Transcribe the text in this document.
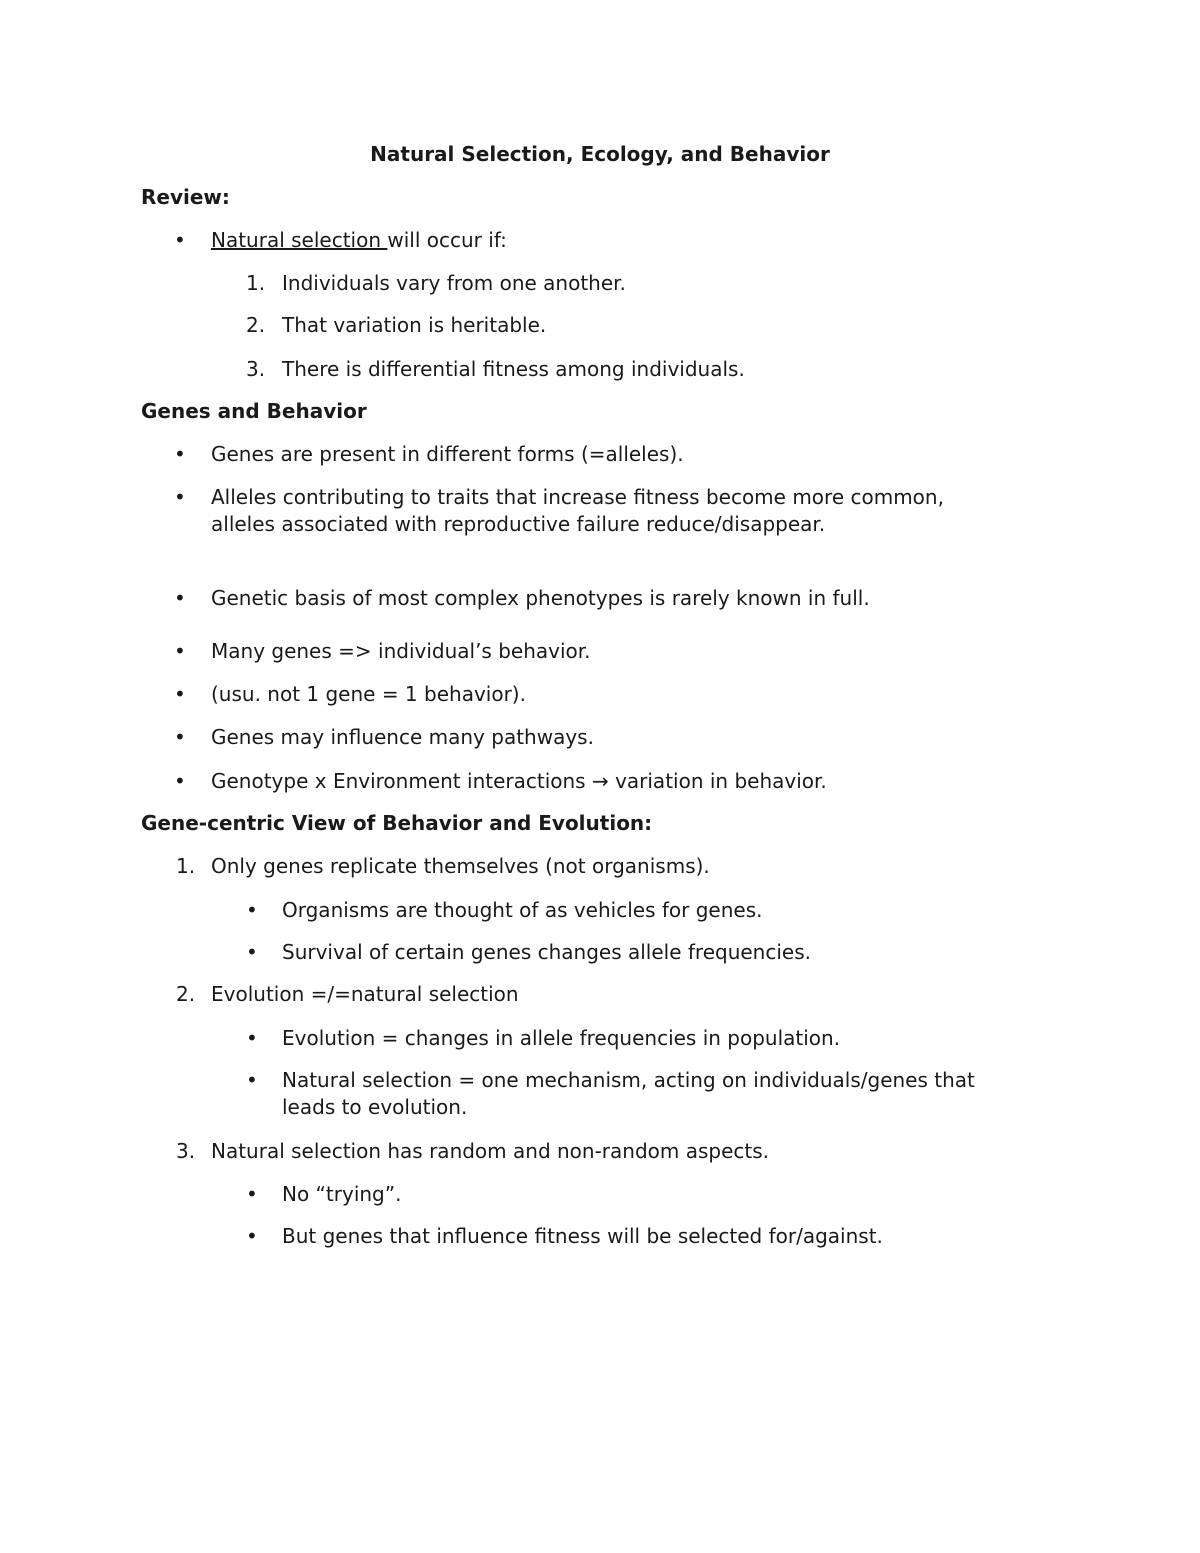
Natural Selection, Ecology, and Behavior
Review:
• Natural selection will occur if:
1. Individuals vary from one another.
2. That variation is heritable.
3. There is differential fitness among individuals.
Genes and Behavior
• Genes are present in different forms (=alleles).
• Alleles contributing to traits that increase fitness become more common,
alleles associated with reproductive failure reduce/disappear.
• Genetic basis of most complex phenotypes is rarely known in full.
• Many genes => individual’s behavior.
• (usu. not 1 gene = 1 behavior).
• Genes may influence many pathways.
• Genotype x Environment interactions → variation in behavior.
Gene-centric View of Behavior and Evolution:
1. Only genes replicate themselves (not organisms).
• Organisms are thought of as vehicles for genes.
• Survival of certain genes changes allele frequencies.
2. Evolution =/=natural selection
• Evolution = changes in allele frequencies in population.
• Natural selection = one mechanism, acting on individuals/genes that
leads to evolution.
3. Natural selection has random and non-random aspects.
• No “trying”.
• But genes that influence fitness will be selected for/against.
